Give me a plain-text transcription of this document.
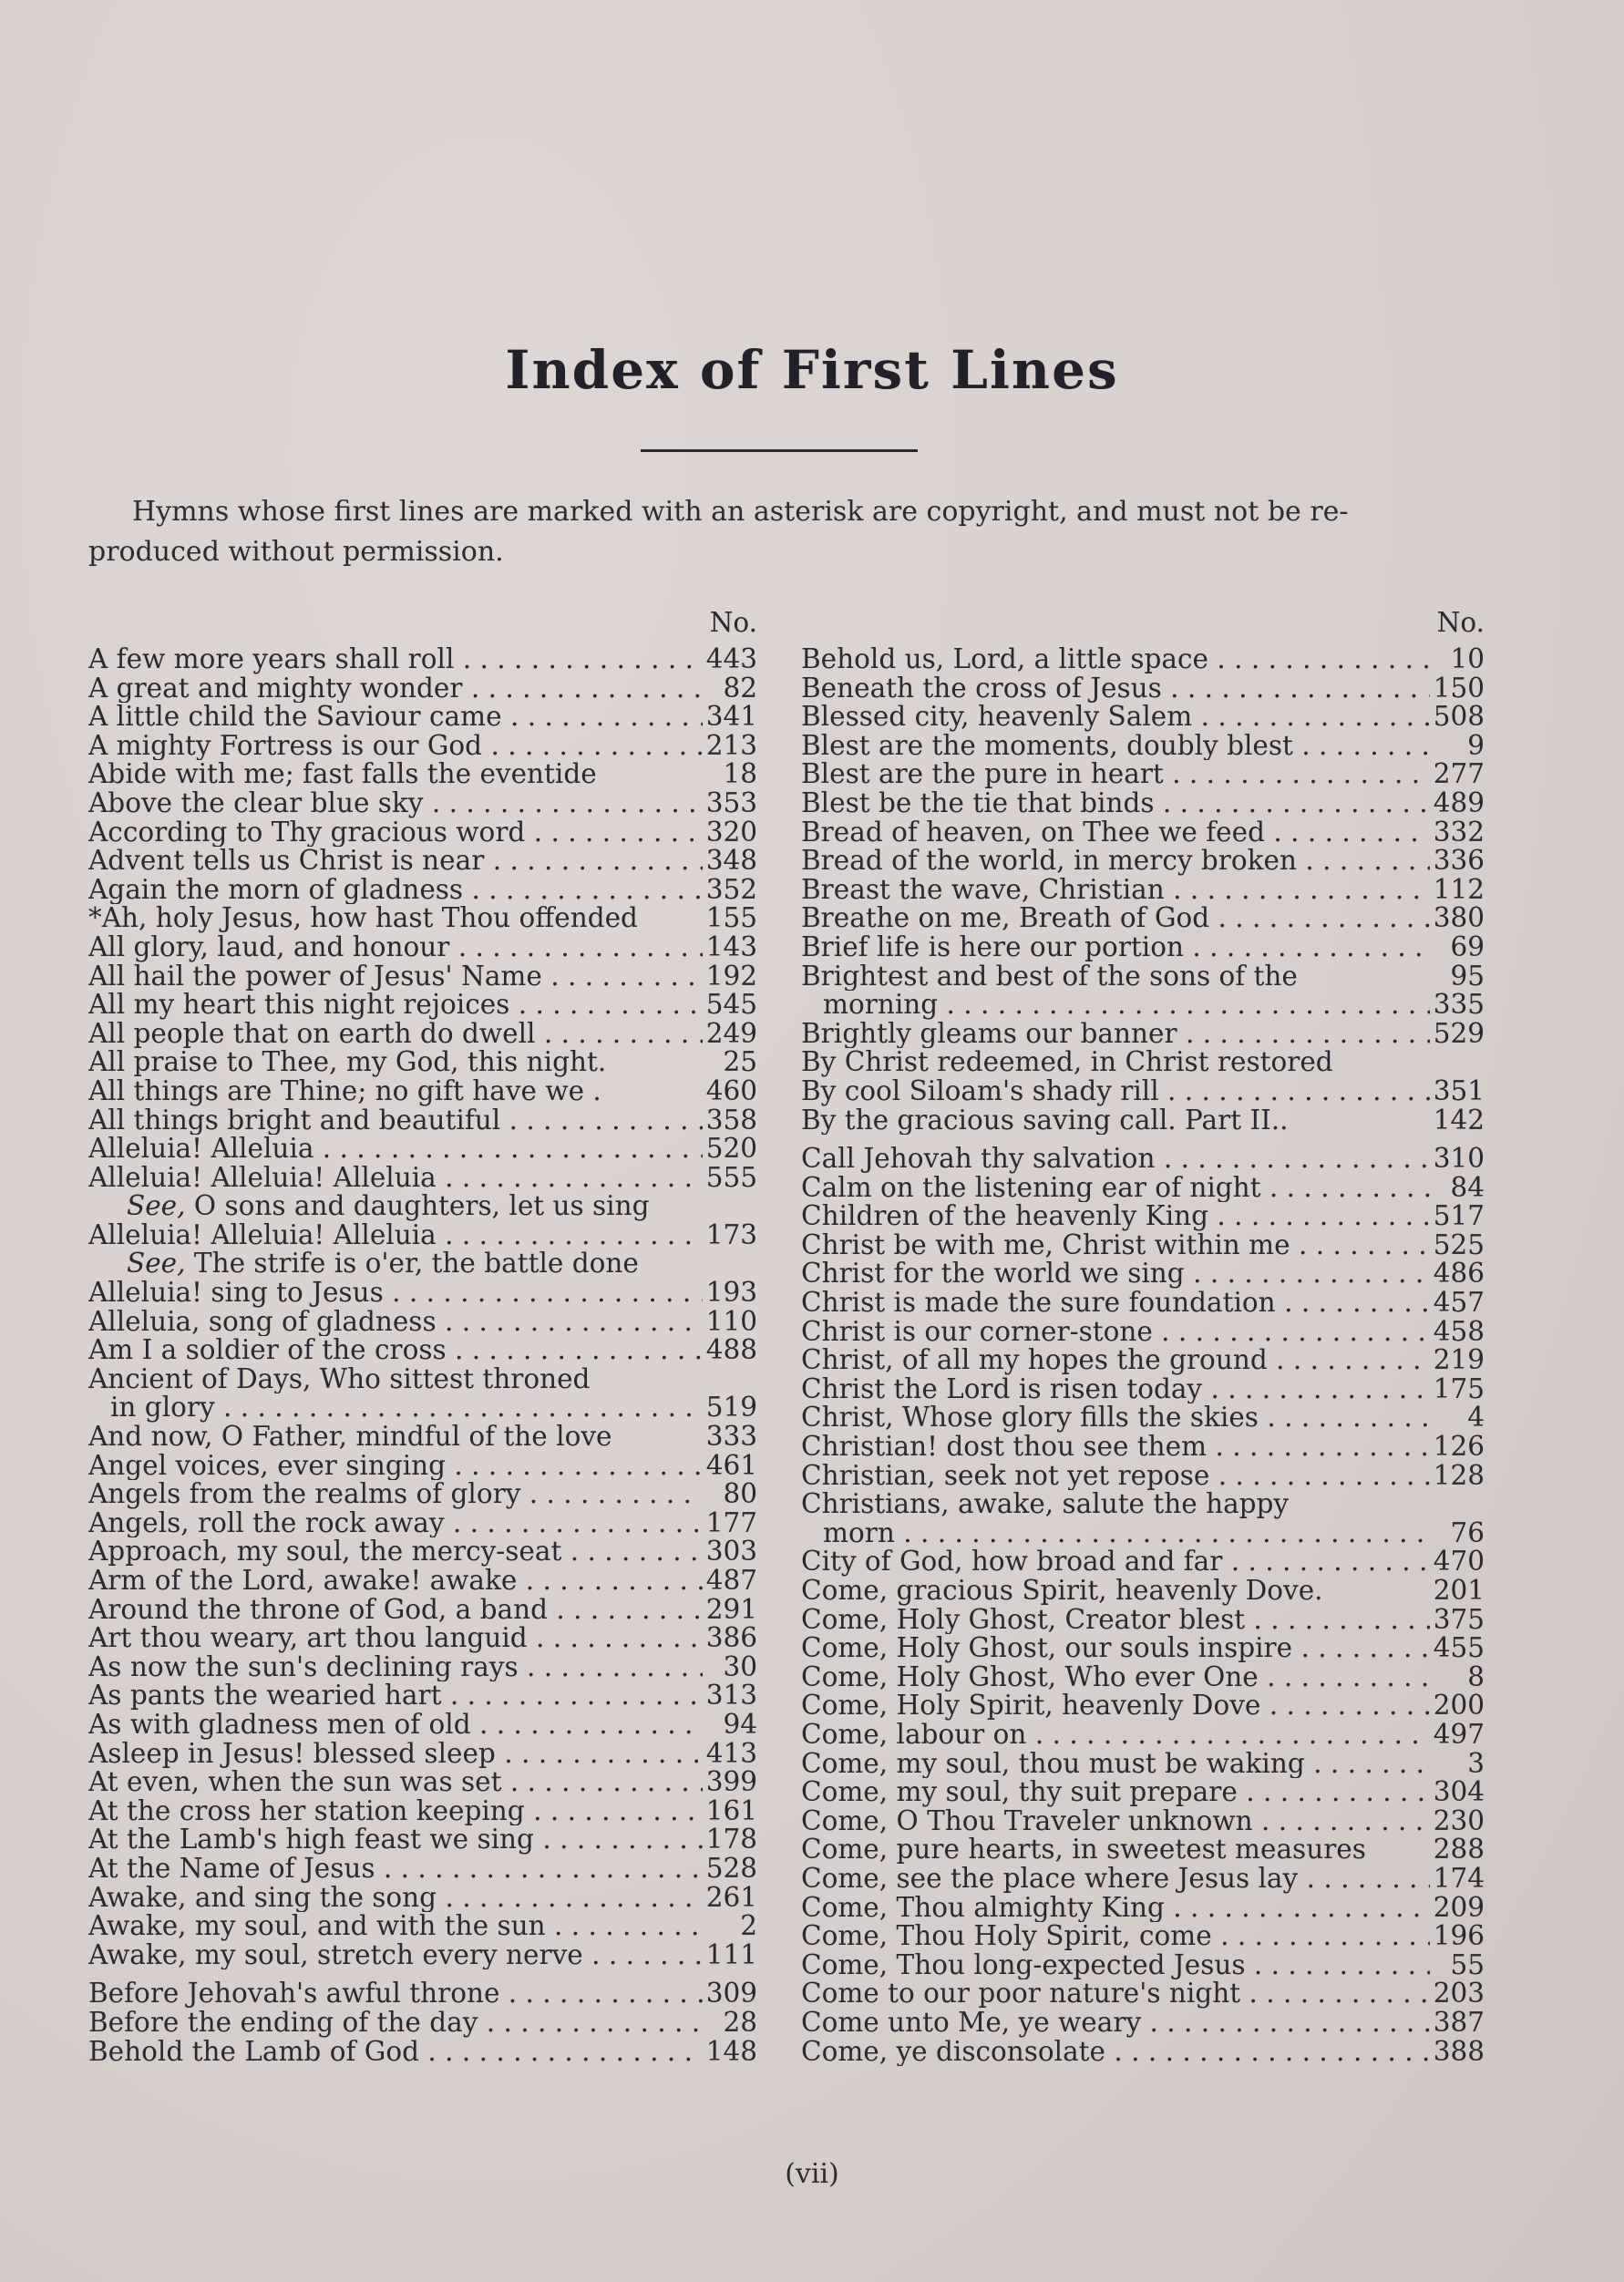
Index of First Lines
Hymns whose first lines are marked with an asterisk are copyright, and must not be re-
produced without permission.
No.
A few more years shall roll . . .	443
A great and mighty wonder . . .	82
A little child the Saviour came . . .	341
A mighty Fortress is our God . . .	213
Abide with me; fast falls the eventide	18
Above the clear blue sky . . .	353
According to Thy gracious word . . .	320
Advent tells us Christ is near . . .	348
Again the morn of gladness . . .	352
*Ah, holy Jesus, how hast Thou offended	155
All glory, laud, and honour . . .	143
All hail the power of Jesus' Name . . .	192
All my heart this night rejoices . . .	545
All people that on earth do dwell . . .	249
All praise to Thee, my God, this night.	25
All things are Thine; no gift have we .	460
All things bright and beautiful . . .	358
Alleluia! Alleluia . . .	520
Alleluia! Alleluia! Alleluia . . .	555
See, O sons and daughters, let us sing
Alleluia! Alleluia! Alleluia . . .	173
See, The strife is o'er, the battle done
Alleluia! sing to Jesus . . .	193
Alleluia, song of gladness . . .	110
Am I a soldier of the cross . . .	488
Ancient of Days, Who sittest throned
in glory . . .	519
And now, O Father, mindful of the love	333
Angel voices, ever singing . . .	461
Angels from the realms of glory . . .	80
Angels, roll the rock away . . .	177
Approach, my soul, the mercy-seat . . .	303
Arm of the Lord, awake! awake . . .	487
Around the throne of God, a band . . .	291
Art thou weary, art thou languid . . .	386
As now the sun's declining rays . . .	30
As pants the wearied hart . . .	313
As with gladness men of old . . .	94
Asleep in Jesus! blessed sleep . . .	413
At even, when the sun was set . . .	399
At the cross her station keeping . . .	161
At the Lamb's high feast we sing . . .	178
At the Name of Jesus . . .	528
Awake, and sing the song . . .	261
Awake, my soul, and with the sun . . .	2
Awake, my soul, stretch every nerve . . .	111
Before Jehovah's awful throne . . .	309
Before the ending of the day . . .	28
Behold the Lamb of God . . .	148
No.
Behold us, Lord, a little space . . .	10
Beneath the cross of Jesus . . .	150
Blessed city, heavenly Salem . . .	508
Blest are the moments, doubly blest . . .	9
Blest are the pure in heart . . .	277
Blest be the tie that binds . . .	489
Bread of heaven, on Thee we feed . . .	332
Bread of the world, in mercy broken . . .	336
Breast the wave, Christian . . .	112
Breathe on me, Breath of God . . .	380
Brief life is here our portion . . .	69
Brightest and best of the sons of the	95
morning . . .	335
Brightly gleams our banner . . .	529
By Christ redeemed, in Christ restored
By cool Siloam's shady rill . . .	351
By the gracious saving call. Part II..	142
Call Jehovah thy salvation . . .	310
Calm on the listening ear of night . . .	84
Children of the heavenly King . . .	517
Christ be with me, Christ within me . . .	525
Christ for the world we sing . . .	486
Christ is made the sure foundation . . .	457
Christ is our corner-stone . . .	458
Christ, of all my hopes the ground . . .	219
Christ the Lord is risen today . . .	175
Christ, Whose glory fills the skies . . .	4
Christian! dost thou see them . . .	126
Christian, seek not yet repose . . .	128
Christians, awake, salute the happy
morn . . .	76
City of God, how broad and far . . .	470
Come, gracious Spirit, heavenly Dove.	201
Come, Holy Ghost, Creator blest . . .	375
Come, Holy Ghost, our souls inspire . . .	455
Come, Holy Ghost, Who ever One . . .	8
Come, Holy Spirit, heavenly Dove . . .	200
Come, labour on . . .	497
Come, my soul, thou must be waking . . .	3
Come, my soul, thy suit prepare . . .	304
Come, O Thou Traveler unknown . . .	230
Come, pure hearts, in sweetest measures	288
Come, see the place where Jesus lay . . .	174
Come, Thou almighty King . . .	209
Come, Thou Holy Spirit, come . . .	196
Come, Thou long-expected Jesus . . .	55
Come to our poor nature's night . . .	203
Come unto Me, ye weary . . .	387
Come, ye disconsolate . . .	388
(vii)
